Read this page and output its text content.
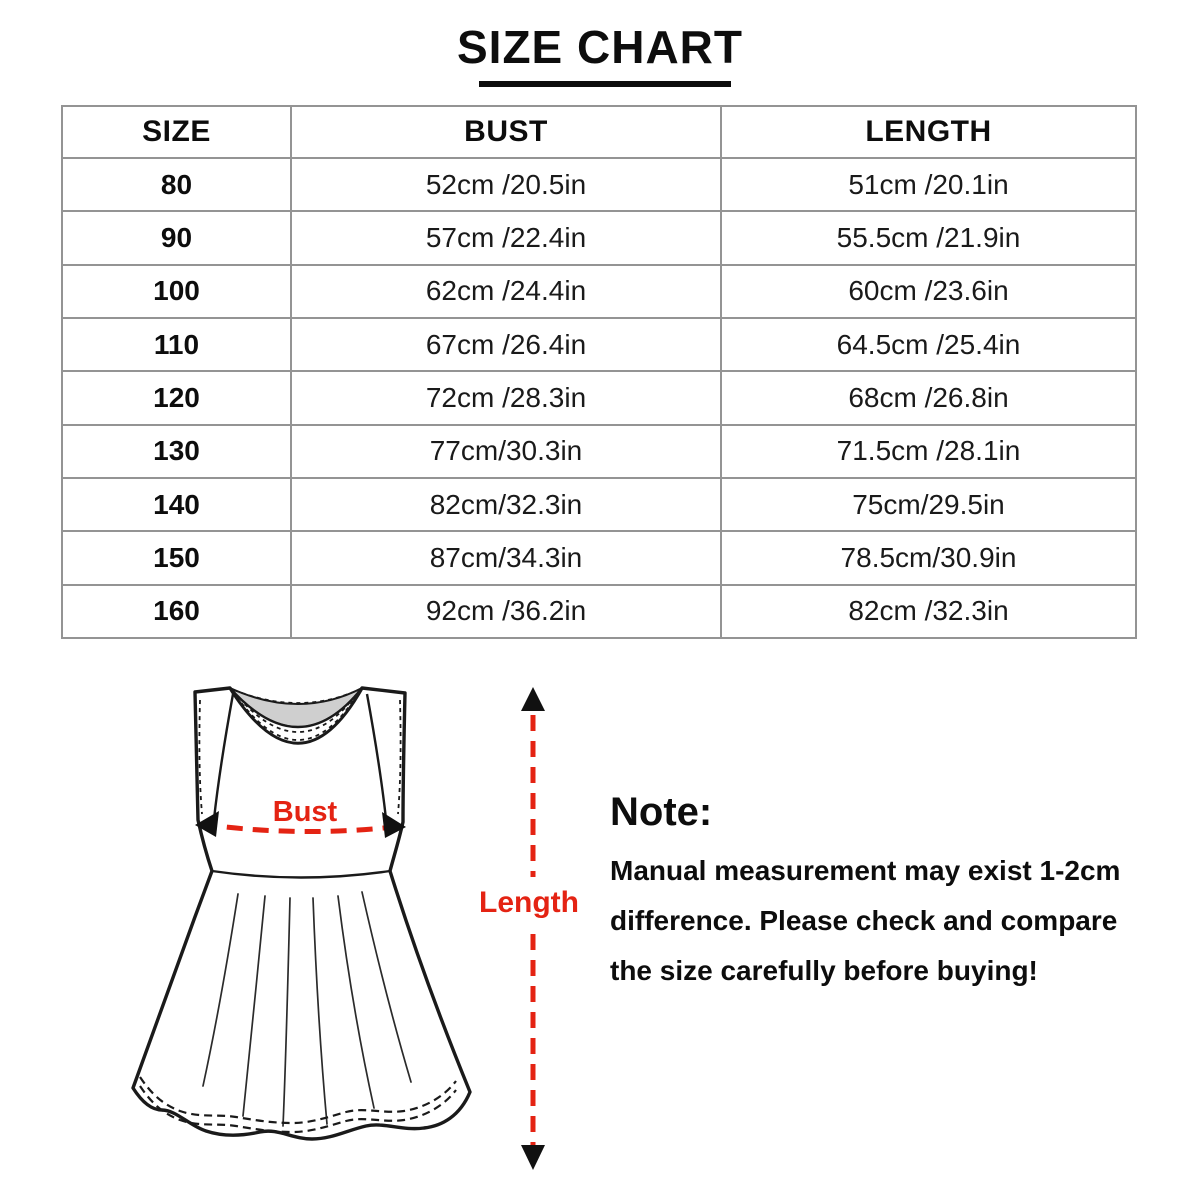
SIZE CHART
SIZE	BUST	LENGTH
80	52cm /20.5in	51cm /20.1in
90	57cm /22.4in	55.5cm /21.9in
100	62cm /24.4in	60cm /23.6in
110	67cm /26.4in	64.5cm /25.4in
120	72cm /28.3in	68cm /26.8in
130	77cm/30.3in	71.5cm /28.1in
140	82cm/32.3in	75cm/29.5in
150	87cm/34.3in	78.5cm/30.9in
160	92cm /36.2in	82cm /32.3in
Bust
Length
Note:
Manual measurement may exist 1-2cm
difference. Please check and compare
the size carefully before buying!
